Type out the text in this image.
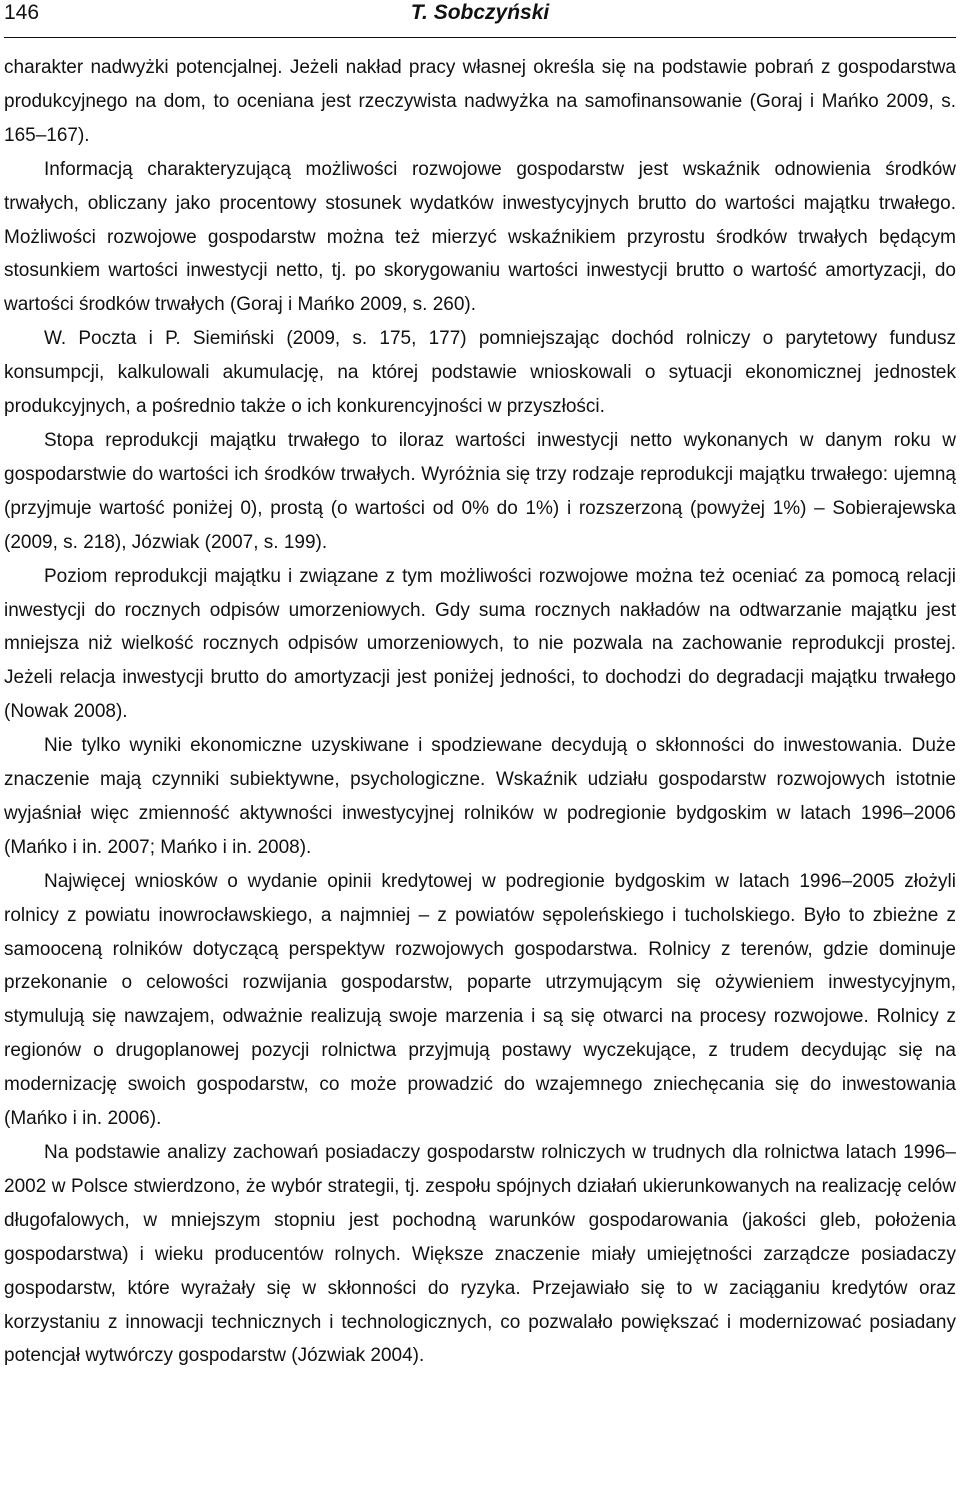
146	T. Sobczyński

charakter nadwyżki potencjalnej. Jeżeli nakład pracy własnej określa się na podstawie pobrań z gospodarstwa produkcyjnego na dom, to oceniana jest rzeczywista nadwyżka na samofinansowanie (Goraj i Mańko 2009, s. 165–167).

Informacją charakteryzującą możliwości rozwojowe gospodarstw jest wskaźnik odnowienia środków trwałych, obliczany jako procentowy stosunek wydatków inwestycyjnych brutto do wartości majątku trwałego. Możliwości rozwojowe gospodarstw można też mierzyć wskaźnikiem przyrostu środków trwałych będącym stosunkiem wartości inwestycji netto, tj. po skorygowaniu wartości inwestycji brutto o wartość amortyzacji, do wartości środków trwałych (Goraj i Mańko 2009, s. 260).

W. Poczta i P. Siemiński (2009, s. 175, 177) pomniejszając dochód rolniczy o parytetowy fundusz konsumpcji, kalkulowali akumulację, na której podstawie wnioskowali o sytuacji ekonomicznej jednostek produkcyjnych, a pośrednio także o ich konkurencyjności w przyszłości.

Stopa reprodukcji majątku trwałego to iloraz wartości inwestycji netto wykonanych w danym roku w gospodarstwie do wartości ich środków trwałych. Wyróżnia się trzy rodzaje reprodukcji majątku trwałego: ujemną (przyjmuje wartość poniżej 0), prostą (o wartości od 0% do 1%) i rozszerzoną (powyżej 1%) – Sobierajewska (2009, s. 218), Józwiak (2007, s. 199).

Poziom reprodukcji majątku i związane z tym możliwości rozwojowe można też oceniać za pomocą relacji inwestycji do rocznych odpisów umorzeniowych. Gdy suma rocznych nakładów na odtwarzanie majątku jest mniejsza niż wielkość rocznych odpisów umorzeniowych, to nie pozwala na zachowanie reprodukcji prostej. Jeżeli relacja inwestycji brutto do amortyzacji jest poniżej jedności, to dochodzi do degradacji majątku trwałego (Nowak 2008).

Nie tylko wyniki ekonomiczne uzyskiwane i spodziewane decydują o skłonności do inwestowania. Duże znaczenie mają czynniki subiektywne, psychologiczne. Wskaźnik udziału gospodarstw rozwojowych istotnie wyjaśniał więc zmienność aktywności inwestycyjnej rolników w podregionie bydgoskim w latach 1996–2006 (Mańko i in. 2007; Mańko i in. 2008).

Najwięcej wniosków o wydanie opinii kredytowej w podregionie bydgoskim w latach 1996–2005 złożyli rolnicy z powiatu inowrocławskiego, a najmniej – z powiatów sępoleńskiego i tucholskiego. Było to zbieżne z samooceną rolników dotyczącą perspektyw rozwojowych gospodarstwa. Rolnicy z terenów, gdzie dominuje przekonanie o celowości rozwijania gospodarstw, poparte utrzymującym się ożywieniem inwestycyjnym, stymulują się nawzajem, odważnie realizują swoje marzenia i są się otwarci na procesy rozwojowe. Rolnicy z regionów o drugoplanowej pozycji rolnictwa przyjmują postawy wyczekujące, z trudem decydując się na modernizację swoich gospodarstw, co może prowadzić do wzajemnego zniechęcania się do inwestowania (Mańko i in. 2006).

Na podstawie analizy zachowań posiadaczy gospodarstw rolniczych w trudnych dla rolnictwa latach 1996–2002 w Polsce stwierdzono, że wybór strategii, tj. zespołu spójnych działań ukierunkowanych na realizację celów długofalowych, w mniejszym stopniu jest pochodną warunków gospodarowania (jakości gleb, położenia gospodarstwa) i wieku producentów rolnych. Większe znaczenie miały umiejętności zarządcze posiadaczy gospodarstw, które wyrażały się w skłonności do ryzyka. Przejawiało się to w zaciąganiu kredytów oraz korzystaniu z innowacji technicznych i technologicznych, co pozwalało powiększać i modernizować posiadany potencjał wytwórczy gospodarstw (Józwiak 2004).
